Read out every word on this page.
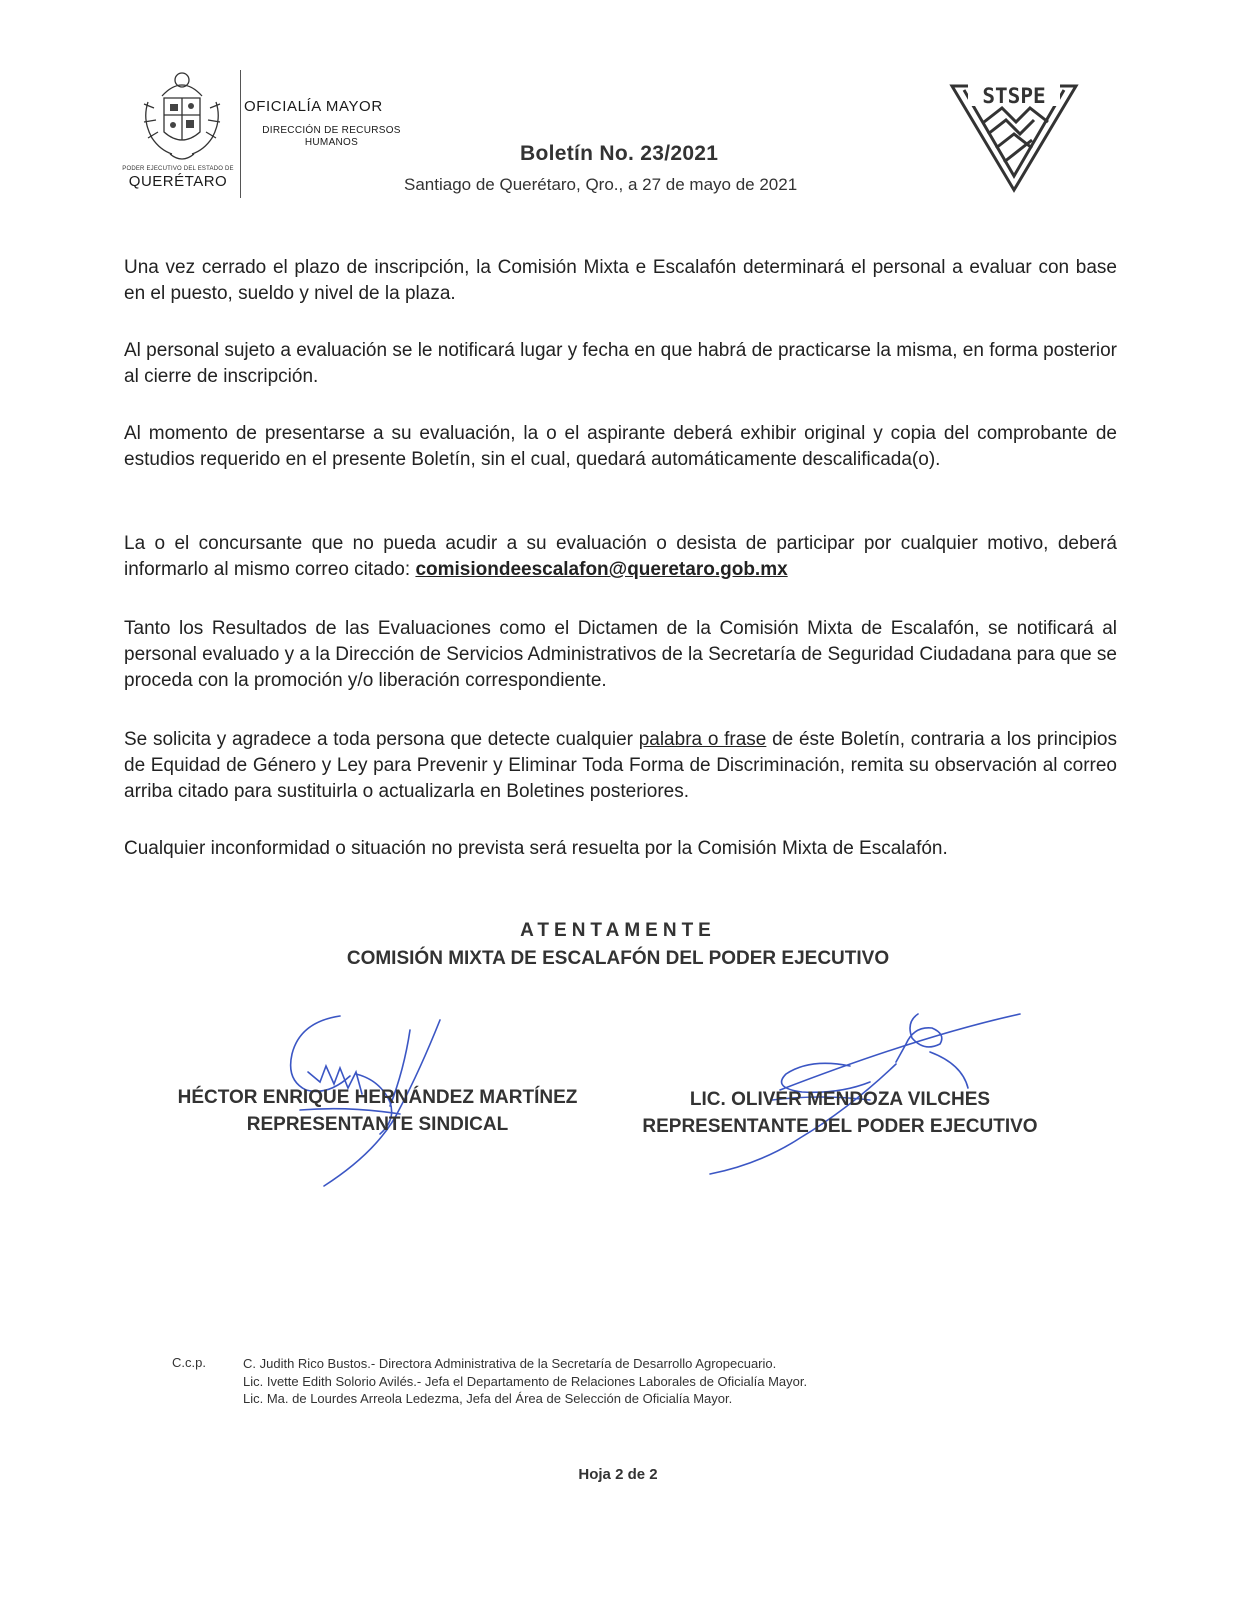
PODER EJECUTIVO DEL ESTADO DE
QUERÉTARO
OFICIALÍA MAYOR
DIRECCIÓN DE RECURSOS HUMANOS	Boletín No. 23/2021
Santiago de Querétaro, Qro., a 27 de mayo de 2021
STSPE
Una vez cerrado el plazo de inscripción, la Comisión Mixta e Escalafón determinará el personal a evaluar con base en el puesto, sueldo y nivel de la plaza.
Al personal sujeto a evaluación se le notificará lugar y fecha en que habrá de practicarse la misma, en forma posterior al cierre de inscripción.
Al momento de presentarse a su evaluación, la o el aspirante deberá exhibir original y copia del comprobante de estudios requerido en el presente Boletín, sin el cual, quedará automáticamente descalificada(o).
La o el concursante que no pueda acudir a su evaluación o desista de participar por cualquier motivo, deberá informarlo al mismo correo citado: comisiondeescalafon@queretaro.gob.mx
Tanto los Resultados de las Evaluaciones como el Dictamen de la Comisión Mixta de Escalafón, se notificará al personal evaluado y a la Dirección de Servicios Administrativos de la Secretaría de Seguridad Ciudadana para que se proceda con la promoción y/o liberación correspondiente.
Se solicita y agradece a toda persona que detecte cualquier palabra o frase de éste Boletín, contraria a los principios de Equidad de Género y Ley para Prevenir y Eliminar Toda Forma de Discriminación, remita su observación al correo arriba citado para sustituirla o actualizarla en Boletines posteriores.
Cualquier inconformidad o situación no prevista será resuelta por la Comisión Mixta de Escalafón.
ATENTAMENTE
COMISIÓN MIXTA DE ESCALAFÓN DEL PODER EJECUTIVO
HÉCTOR ENRIQUE HERNÁNDEZ MARTÍNEZ
REPRESENTANTE SINDICAL
LIC. OLIVER MENDOZA VILCHES
REPRESENTANTE DEL PODER EJECUTIVO
C.c.p.	C. Judith Rico Bustos.- Directora Administrativa de la Secretaría de Desarrollo Agropecuario.
Lic. Ivette Edith Solorio Avilés.- Jefa el Departamento de Relaciones Laborales de Oficialía Mayor.
Lic. Ma. de Lourdes Arreola Ledezma, Jefa del Área de Selección de Oficialía Mayor.
Hoja 2 de 2
